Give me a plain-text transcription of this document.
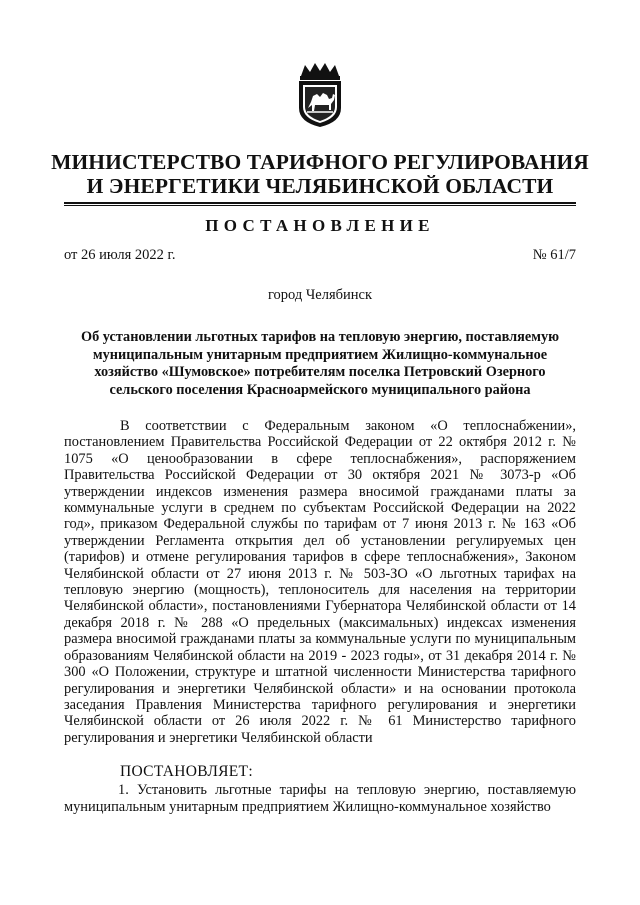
МИНИСТЕРСТВО ТАРИФНОГО РЕГУЛИРОВАНИЯ
И ЭНЕРГЕТИКИ ЧЕЛЯБИНСКОЙ ОБЛАСТИ
ПОСТАНОВЛЕНИЕ
от 26 июля 2022 г.	№ 61/7
город Челябинск
Об установлении льготных тарифов на тепловую энергию, поставляемую муниципальным унитарным предприятием Жилищно-коммунальное хозяйство «Шумовское» потребителям поселка Петровский Озерного сельского поселения Красноармейского муниципального района

В соответствии с Федеральным законом «О теплоснабжении», постановлением Правительства Российской Федерации от 22 октября 2012 г. № 1075 «О ценообразовании в сфере теплоснабжения», распоряжением Правительства Российской Федерации от 30 октября 2021 № 3073-р «Об утверждении индексов изменения размера вносимой гражданами платы за коммунальные услуги в среднем по субъектам Российской Федерации на 2022 год», приказом Федеральной службы по тарифам от 7 июня 2013 г. № 163 «Об утверждении Регламента открытия дел об установлении регулируемых цен (тарифов) и отмене регулирования тарифов в сфере теплоснабжения», Законом Челябинской области от 27 июня 2013 г. № 503-ЗО «О льготных тарифах на тепловую энергию (мощность), теплоноситель для населения на территории Челябинской области», постановлениями Губернатора Челябинской области от 14 декабря 2018 г. № 288 «О предельных (максимальных) индексах изменения размера вносимой гражданами платы за коммунальные услуги по муниципальным образованиям Челябинской области на 2019 - 2023 годы», от 31 декабря 2014 г. № 300 «О Положении, структуре и штатной численности Министерства тарифного регулирования и энергетики Челябинской области» и на основании протокола заседания Правления Министерства тарифного регулирования и энергетики Челябинской области от 26 июля 2022 г. № 61 Министерство тарифного регулирования и энергетики Челябинской области

ПОСТАНОВЛЯЕТ:

1. Установить льготные тарифы на тепловую энергию, поставляемую муниципальным унитарным предприятием Жилищно-коммунальное хозяйство
